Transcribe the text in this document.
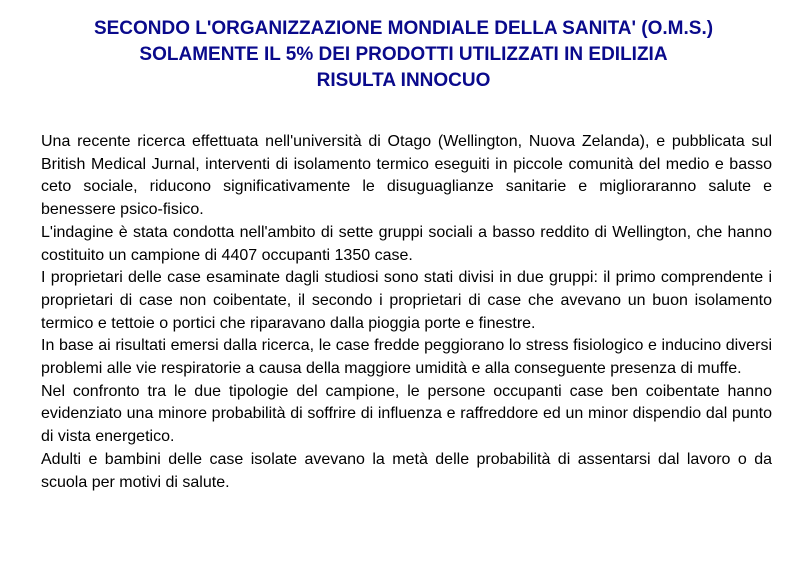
SECONDO L'ORGANIZZAZIONE MONDIALE DELLA SANITA' (O.M.S.)
SOLAMENTE IL 5% DEI PRODOTTI UTILIZZATI IN EDILIZIA
RISULTA INNOCUO

Una recente ricerca effettuata nell'università di Otago (Wellington, Nuova Zelanda), e pubblicata sul British Medical Jurnal, interventi di isolamento termico eseguiti in piccole comunità del medio e basso ceto sociale, riducono significativamente le disuguaglianze sanitarie e miglioraranno salute e benessere psico-fisico.

L'indagine è stata condotta nell'ambito di sette gruppi sociali a basso reddito di Wellington, che hanno costituito un campione di 4407 occupanti 1350 case.

I proprietari delle case esaminate dagli studiosi sono stati divisi in due gruppi: il primo comprendente i proprietari di case non coibentate, il secondo i proprietari di case che avevano un buon isolamento termico e tettoie o portici che riparavano dalla pioggia porte e finestre.

In base ai risultati emersi dalla ricerca, le case fredde peggiorano lo stress fisiologico e inducino diversi problemi alle vie respiratorie a causa della maggiore umidità e alla conseguente presenza di muffe.

Nel confronto tra le due tipologie del campione, le persone occupanti case ben coibentate hanno evidenziato una minore probabilità di soffrire di influenza e raffreddore ed un minor dispendio dal punto di vista energetico.

Adulti e bambini delle case isolate avevano la metà delle probabilità di assentarsi dal lavoro o da scuola per motivi di salute.
